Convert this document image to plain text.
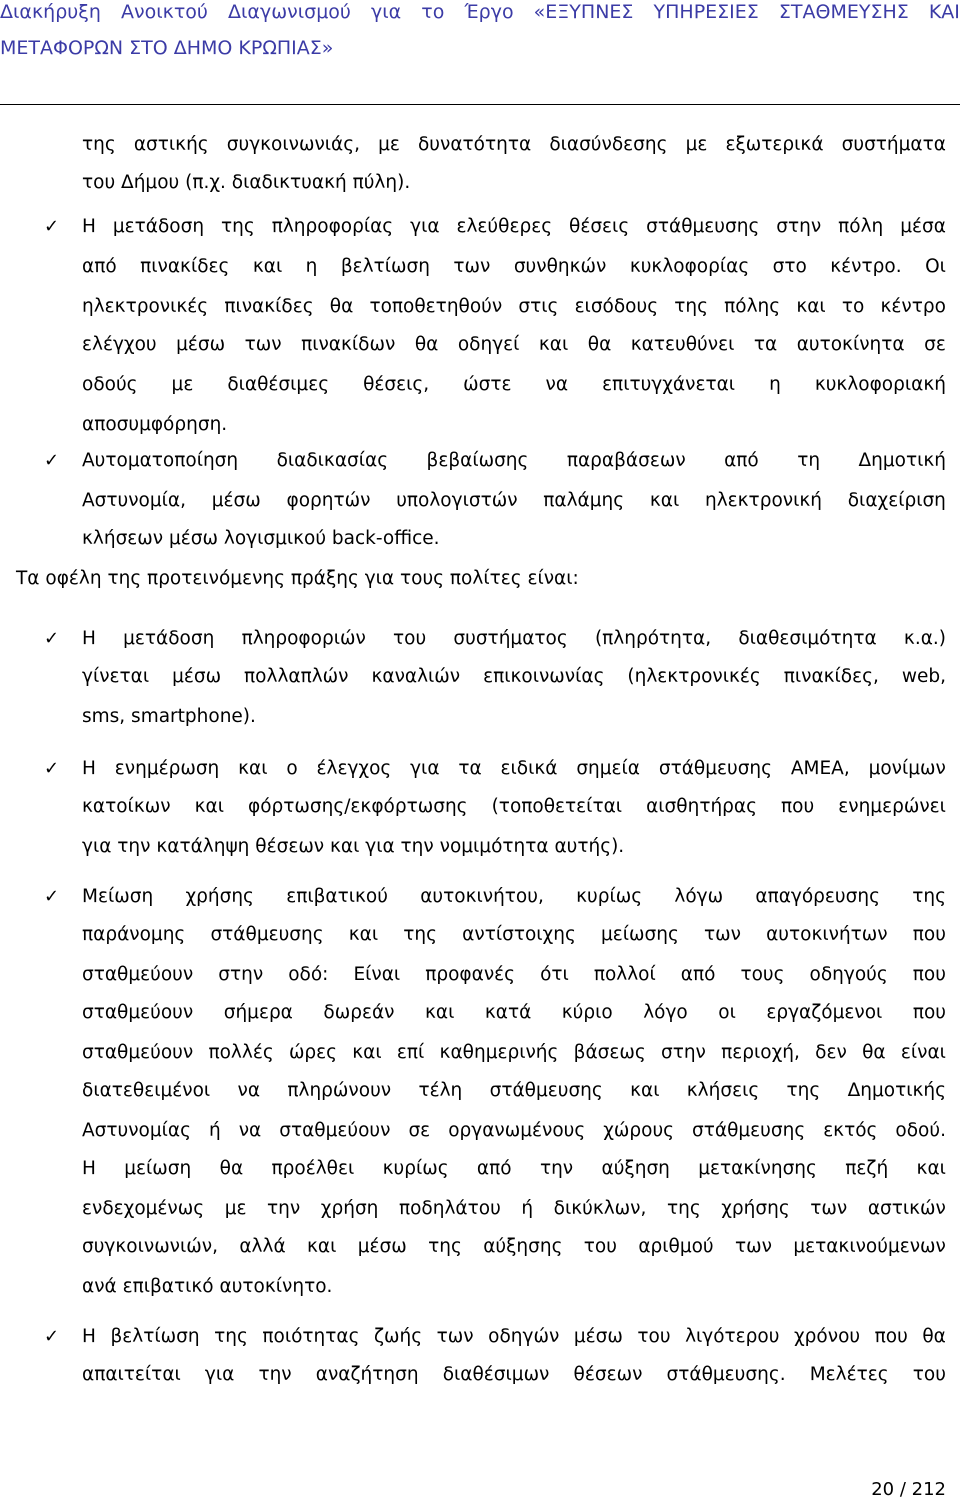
Διακήρυξη Ανοικτού Διαγωνισμού για το Έργο «ΕΞΥΠΝΕΣ ΥΠΗΡΕΣΙΕΣ ΣΤΑΘΜΕΥΣΗΣ ΚΑΙ
ΜΕΤΑΦΟΡΩΝ ΣΤΟ ΔΗΜΟ ΚΡΩΠΙΑΣ»
της αστικής συγκοινωνιάς, με δυνατότητα διασύνδεσης με εξωτερικά συστήματα
του Δήμου (π.χ. διαδικτυακή πύλη).
✓ Η μετάδοση της πληροφορίας για ελεύθερες θέσεις στάθμευσης στην πόλη μέσα
από πινακίδες και η βελτίωση των συνθηκών κυκλοφορίας στο κέντρο. Οι
ηλεκτρονικές πινακίδες θα τοποθετηθούν στις εισόδους της πόλης και το κέντρο
ελέγχου μέσω των πινακίδων θα οδηγεί και θα κατευθύνει τα αυτοκίνητα σε
οδούς με διαθέσιμες θέσεις, ώστε να επιτυγχάνεται η κυκλοφοριακή
αποσυμφόρηση.
✓ Αυτοματοποίηση διαδικασίας βεβαίωσης παραβάσεων από τη Δημοτική
Αστυνομία, μέσω φορητών υπολογιστών παλάμης και ηλεκτρονική διαχείριση
κλήσεων μέσω λογισμικού back-office.
Τα οφέλη της προτεινόμενης πράξης για τους πολίτες είναι:
✓ Η μετάδοση πληροφοριών του συστήματος (πληρότητα, διαθεσιμότητα κ.α.)
γίνεται μέσω πολλαπλών καναλιών επικοινωνίας (ηλεκτρονικές πινακίδες, web,
sms, smartphone).
✓ Η ενημέρωση και ο έλεγχος για τα ειδικά σημεία στάθμευσης ΑΜΕΑ, μονίμων
κατοίκων και φόρτωσης/εκφόρτωσης (τοποθετείται αισθητήρας που ενημερώνει
για την κατάληψη θέσεων και για την νομιμότητα αυτής).
✓ Μείωση χρήσης επιβατικού αυτοκινήτου, κυρίως λόγω απαγόρευσης της
παράνομης στάθμευσης και της αντίστοιχης μείωσης των αυτοκινήτων που
σταθμεύουν στην οδό: Είναι προφανές ότι πολλοί από τους οδηγούς που
σταθμεύουν σήμερα δωρεάν και κατά κύριο λόγο οι εργαζόμενοι που
σταθμεύουν πολλές ώρες και επί καθημερινής βάσεως στην περιοχή, δεν θα είναι
διατεθειμένοι να πληρώνουν τέλη στάθμευσης και κλήσεις της Δημοτικής
Αστυνομίας ή να σταθμεύουν σε οργανωμένους χώρους στάθμευσης εκτός οδού.
Η μείωση θα προέλθει κυρίως από την αύξηση μετακίνησης πεζή και
ενδεχομένως με την χρήση ποδηλάτου ή δικύκλων, της χρήσης των αστικών
συγκοινωνιών, αλλά και μέσω της αύξησης του αριθμού των μετακινούμενων
ανά επιβατικό αυτοκίνητο.
✓ Η βελτίωση της ποιότητας ζωής των οδηγών μέσω του λιγότερου χρόνου που θα
απαιτείται για την αναζήτηση διαθέσιμων θέσεων στάθμευσης. Μελέτες του
20 / 212
